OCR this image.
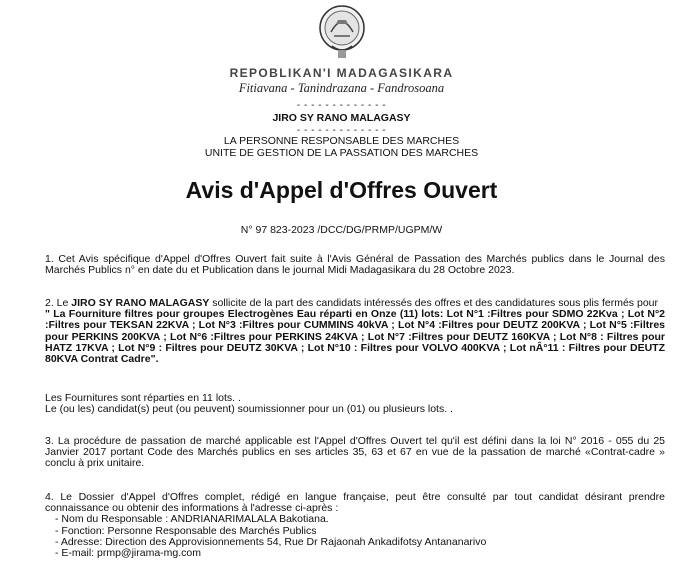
REPOBLIKAN'I MADAGASIKARA
Fitiavana - Tanindrazana - Fandrosoana
- - - - - - - - - - - - -
JIRO SY RANO MALAGASY
- - - - - - - - - - - - -
LA PERSONNE RESPONSABLE DES MARCHES
UNITE DE GESTION DE LA PASSATION DES MARCHES
Avis d'Appel d'Offres Ouvert
N° 97 823-2023 /DCC/DG/PRMP/UGPM/W

1. Cet Avis spécifique d'Appel d'Offres Ouvert fait suite à l'Avis Général de Passation des Marchés publics dans le Journal des Marchés Publics n° en date du et Publication dans le journal Midi Madagasikara du 28 Octobre 2023.

2. Le JIRO SY RANO MALAGASY sollicite de la part des candidats intéressés des offres et des candidatures sous plis fermés pour

" La Fourniture filtres pour groupes Electrogènes Eau réparti en Onze (11) lots: Lot N°1 :Filtres pour SDMO 22Kva ; Lot N°2 :Filtres pour TEKSAN 22KVA ; Lot N°3 :Filtres pour CUMMINS 40kVA ; Lot N°4 :Filtres pour DEUTZ 200KVA ; Lot N°5 :Filtres pour PERKINS 200KVA ; Lot N°6 :Filtres pour PERKINS 24KVA ; Lot N°7 :Filtres pour DEUTZ 160KVA ; Lot N°8 : Filtres pour HATZ 17KVA ; Lot N°9 : Filtres pour DEUTZ 30KVA ; Lot N°10 : Filtres pour VOLVO 400KVA ; Lot nÂ°11 : Filtres pour DEUTZ 80KVA Contrat Cadre".

Les Fournitures sont réparties en 11 lots. .

Le (ou les) candidat(s) peut (ou peuvent) soumissionner pour un (01) ou plusieurs lots. .

3. La procédure de passation de marché applicable est l'Appel d'Offres Ouvert tel qu'il est défini dans la loi N° 2016 - 055 du 25 Janvier 2017 portant Code des Marchés publics en ses articles 35, 63 et 67 en vue de la passation de marché «Contrat-cadre » conclu à prix unitaire.

4. Le Dossier d'Appel d'Offres complet, rédigé en langue française, peut être consulté par tout candidat désirant prendre connaissance ou obtenir des informations à l'adresse ci-après :

- Nom du Responsable : ANDRIANARIMALALA Bakotiana.

- Fonction: Personne Responsable des Marchés Publics

- Adresse: Direction des Approvisionnements 54, Rue Dr Rajaonah Ankadifotsy Antananarivo

- E-mail: prmp@jirama-mg.com
